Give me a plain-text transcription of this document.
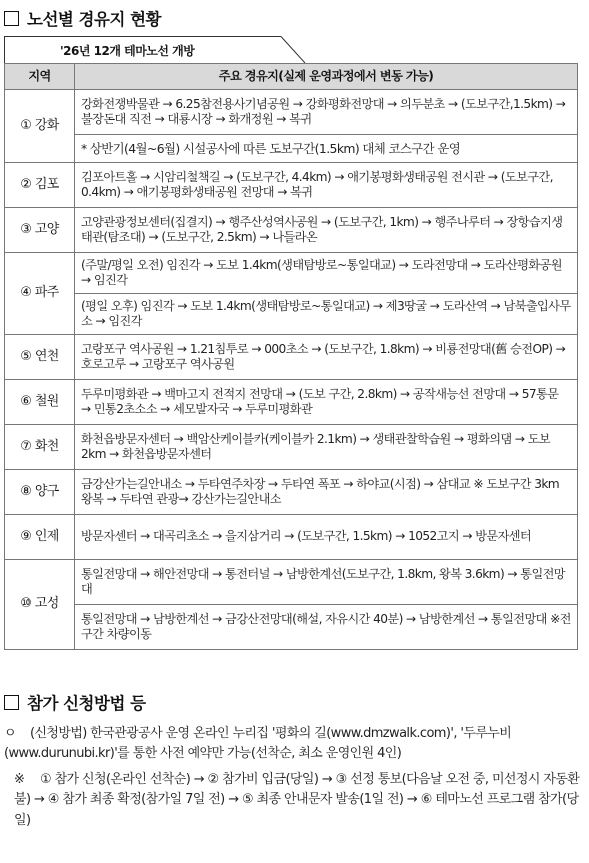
노선별 경유지 현황
'26년 12개 테마노선 개방
지역	주요 경유지(실제 운영과정에서 변동 가능)
① 강화	강화전쟁박물관 → 6.25참전용사기념공원 → 강화평화전망대 → 의두분초 → (도보구간,1.5km) → 불장돈대 직전 → 대룡시장 → 화개정원 → 복귀
	* 상반기(4월~6월) 시설공사에 따른 도보구간(1.5km) 대체 코스구간 운영
② 김포	김포아트홀 → 시암리철책길 → (도보구간, 4.4km) → 애기봉평화생태공원 전시관 → (도보구간, 0.4km) → 애기봉평화생태공원 전망대 → 복귀
③ 고양	고양관광정보센터(집결지) → 행주산성역사공원 → (도보구간, 1km) → 행주나루터 → 장항습지생태관(탐조대) → (도보구간, 2.5km) → 나들라온
④ 파주	(주말/평일 오전) 임진각 → 도보 1.4km(생태탐방로~통일대교) → 도라전망대 → 도라산평화공원 → 임진각
	(평일 오후) 임진각 → 도보 1.4km(생태탐방로~통일대교) → 제3땅굴 → 도라산역 → 남북출입사무소 → 임진각
⑤ 연천	고랑포구 역사공원 → 1.21침투로 → 000초소 → (도보구간, 1.8km) → 비룡전망대(舊 승전OP) → 호로고루 → 고랑포구 역사공원
⑥ 철원	두루미평화관 → 백마고지 전적지 전망대 → (도보 구간, 2.8km) → 공작새능선 전망대 → 57통문 → 민통2초소소 → 세모발자국 → 두루미평화관
⑦ 화천	화천읍방문자센터 → 백암산케이블카(케이블카 2.1km) → 생태관찰학습원 → 평화의댐 → 도보 2km → 화천읍방문자센터
⑧ 양구	금강산가는길안내소 → 두타연주차장 → 두타연 폭포 → 하야교(시점) → 삼대교 ※ 도보구간 3km 왕복 → 두타연 관광→ 강산가는길안내소
⑨ 인제	방문자센터 → 대곡리초소 → 을지삼거리 → (도보구간, 1.5km) → 1052고지 → 방문자센터
⑩ 고성	통일전망대 → 해안전망대 → 통전터널 → 남방한계선(도보구간, 1.8km, 왕복 3.6km) → 통일전망대
	통일전망대 → 남방한계선 → 금강산전망대(해설, 자유시간 40분) → 남방한계선 → 통일전망대 ※전구간 차량이동
참가 신청방법 등

ㅇ (신청방법) 한국관광공사 운영 온라인 누리집 '평화의 길(www.dmzwalk.com)', '두루누비(www.durunubi.kr)'를 통한 사전 예약만 가능(선착순, 최소 운영인원 4인)

※ ① 참가 신청(온라인 선착순) → ② 참가비 입금(당일) → ③ 선정 통보(다음날 오전 중, 미선정시 자동환불) → ④ 참가 최종 확정(참가일 7일 전) → ⑤ 최종 안내문자 발송(1일 전) → ⑥ 테마노선 프로그램 참가(당일)
